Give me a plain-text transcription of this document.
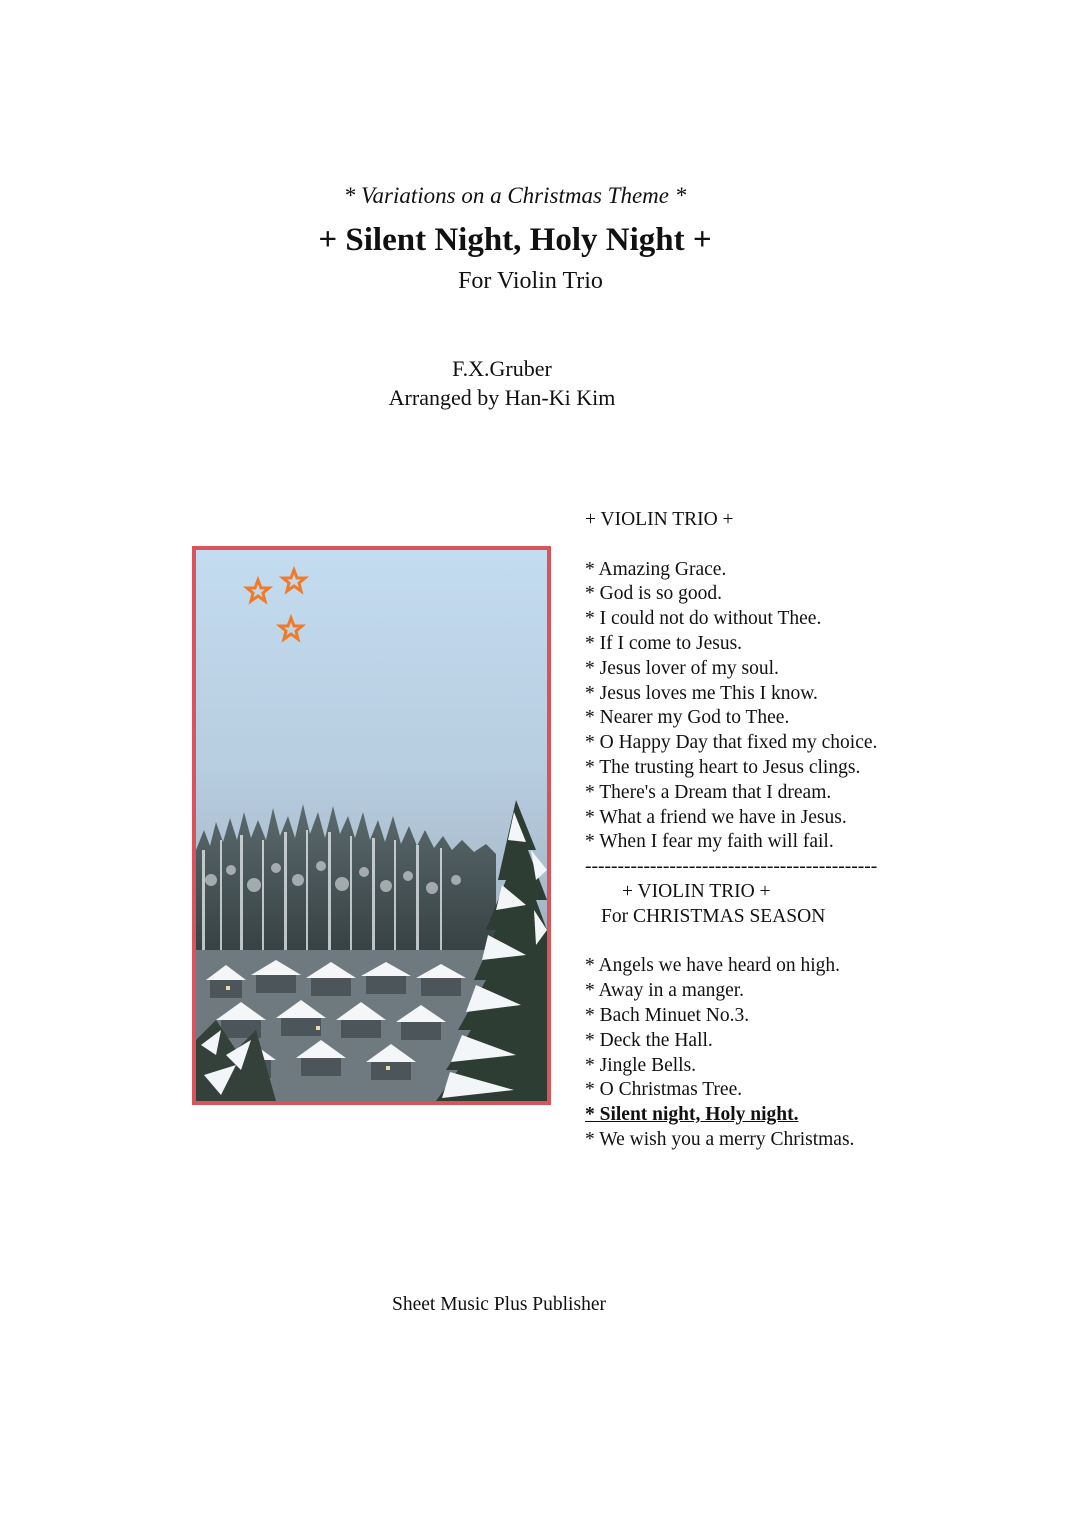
* Variations on a Christmas Theme *
+ Silent Night, Holy Night +
For Violin Trio
F.X.Gruber
Arranged by Han-Ki Kim
+ VIOLIN TRIO +
* Amazing Grace.
* God is so good.
* I could not do without Thee.
* If I come to Jesus.
* Jesus lover of my soul.
* Jesus loves me This I know.
* Nearer my God to Thee.
* O Happy Day that fixed my choice.
* The trusting heart to Jesus clings.
* There's a Dream that I dream.
* What a friend we have in Jesus.
* When I fear my faith will fail.
---------------------------------------------
+ VIOLIN TRIO +
For CHRISTMAS SEASON
* Angels we have heard on high.
* Away in a manger.
* Bach Minuet No.3.
* Deck the Hall.
* Jingle Bells.
* O Christmas Tree.
* Silent night, Holy night.
* We wish you a merry Christmas.
Sheet Music Plus Publisher
